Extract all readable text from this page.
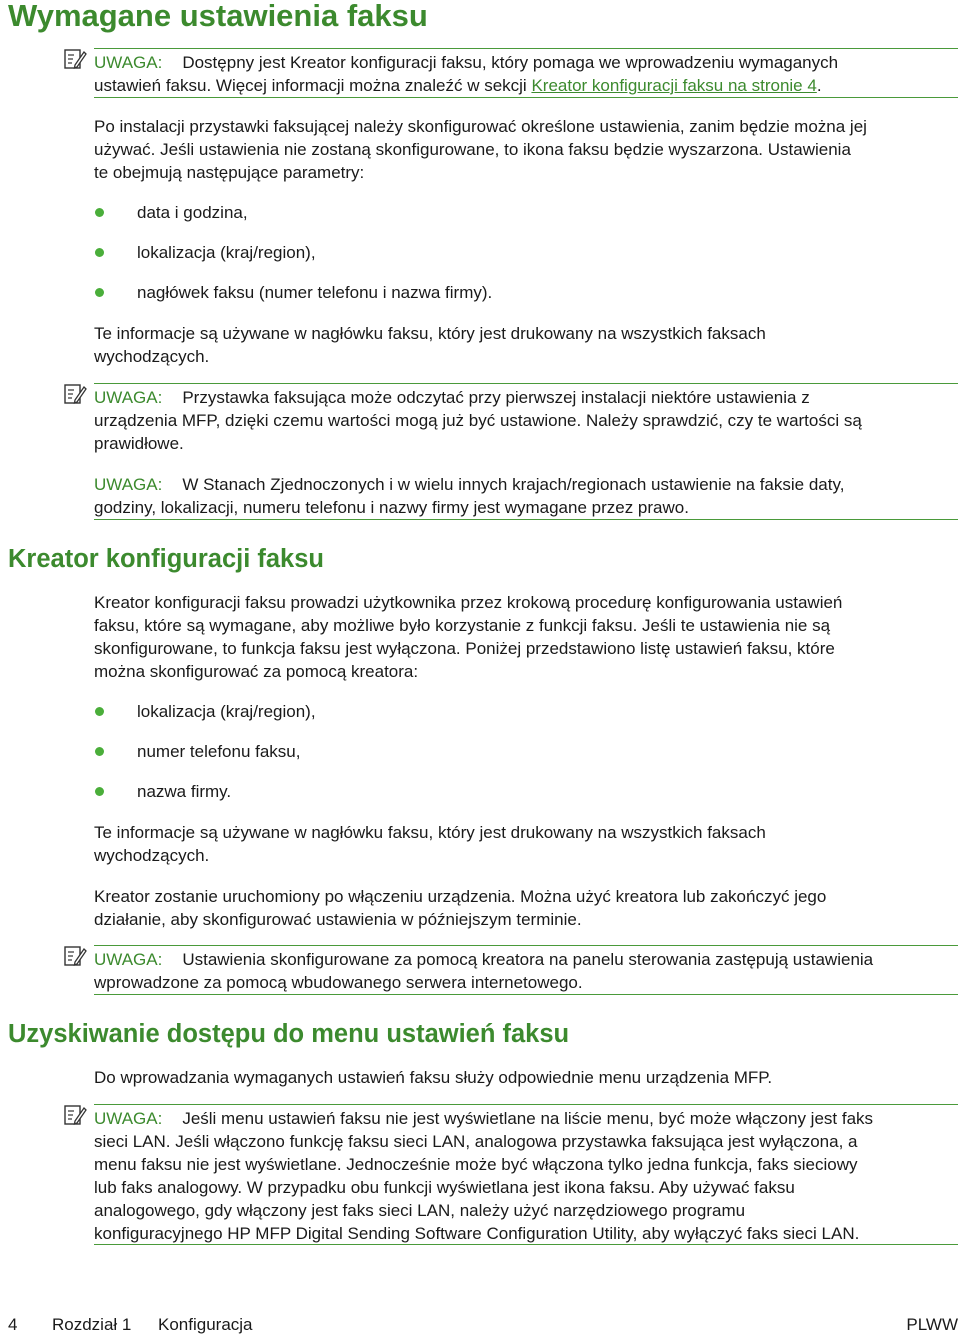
Wymagane ustawienia faksu
UWAGA: Dostępny jest Kreator konfiguracji faksu, który pomaga we wprowadzeniu wymaganych
ustawień faksu. Więcej informacji można znaleźć w sekcji Kreator konfiguracji faksu na stronie 4.
Po instalacji przystawki faksującej należy skonfigurować określone ustawienia, zanim będzie można jej
używać. Jeśli ustawienia nie zostaną skonfigurowane, to ikona faksu będzie wyszarzona. Ustawienia
te obejmują następujące parametry:
data i godzina,
lokalizacja (kraj/region),
nagłówek faksu (numer telefonu i nazwa firmy).
Te informacje są używane w nagłówku faksu, który jest drukowany na wszystkich faksach
wychodzących.
UWAGA: Przystawka faksująca może odczytać przy pierwszej instalacji niektóre ustawienia z
urządzenia MFP, dzięki czemu wartości mogą już być ustawione. Należy sprawdzić, czy te wartości są
prawidłowe.
UWAGA: W Stanach Zjednoczonych i w wielu innych krajach/regionach ustawienie na faksie daty,
godziny, lokalizacji, numeru telefonu i nazwy firmy jest wymagane przez prawo.
Kreator konfiguracji faksu
Kreator konfiguracji faksu prowadzi użytkownika przez krokową procedurę konfigurowania ustawień
faksu, które są wymagane, aby możliwe było korzystanie z funkcji faksu. Jeśli te ustawienia nie są
skonfigurowane, to funkcja faksu jest wyłączona. Poniżej przedstawiono listę ustawień faksu, które
można skonfigurować za pomocą kreatora:
lokalizacja (kraj/region),
numer telefonu faksu,
nazwa firmy.
Te informacje są używane w nagłówku faksu, który jest drukowany na wszystkich faksach
wychodzących.
Kreator zostanie uruchomiony po włączeniu urządzenia. Można użyć kreatora lub zakończyć jego
działanie, aby skonfigurować ustawienia w późniejszym terminie.
UWAGA: Ustawienia skonfigurowane za pomocą kreatora na panelu sterowania zastępują ustawienia
wprowadzone za pomocą wbudowanego serwera internetowego.
Uzyskiwanie dostępu do menu ustawień faksu
Do wprowadzania wymaganych ustawień faksu służy odpowiednie menu urządzenia MFP.
UWAGA: Jeśli menu ustawień faksu nie jest wyświetlane na liście menu, być może włączony jest faks
sieci LAN. Jeśli włączono funkcję faksu sieci LAN, analogowa przystawka faksująca jest wyłączona, a
menu faksu nie jest wyświetlane. Jednocześnie może być włączona tylko jedna funkcja, faks sieciowy
lub faks analogowy. W przypadku obu funkcji wyświetlana jest ikona faksu. Aby używać faksu
analogowego, gdy włączony jest faks sieci LAN, należy użyć narzędziowego programu
konfiguracyjnego HP MFP Digital Sending Software Configuration Utility, aby wyłączyć faks sieci LAN.
4 Rozdział 1 Konfiguracja	PLWW
